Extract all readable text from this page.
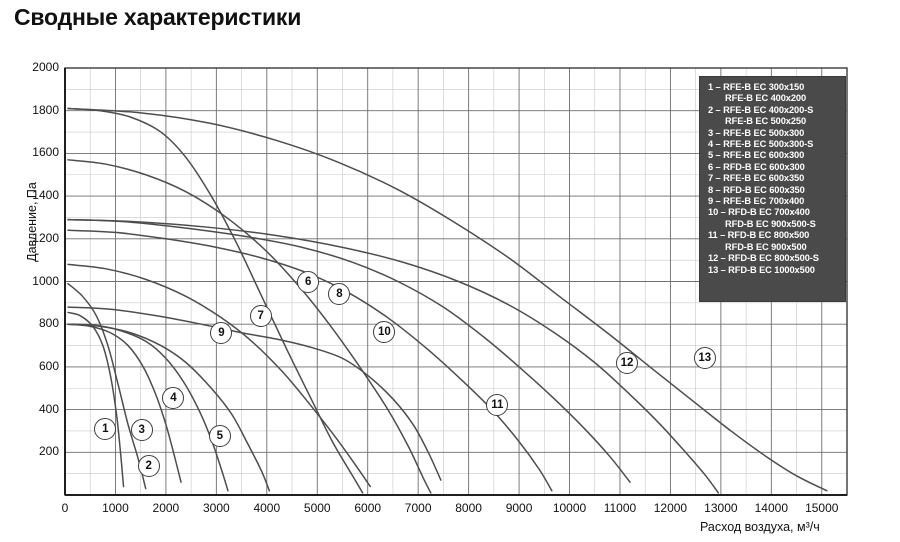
Сводные характеристики
Давление, Па
Расход воздуха, м³/ч
200
400
600
800
1000
1200
1400
1600
1800
2000
0	1000	2000	3000	4000	5000	6000	7000	8000	9000	10000	11000	12000	13000	14000	15000
1
2
3
4
5
6
7
8
9	10
11
12	13
1 – RFE-B EC 300x150
RFE-B EC 400x200
2 – RFE-B EC 400x200-S
RFE-B EC 500x250
3 – RFE-B EC 500x300
4 – RFE-B EC 500x300-S
5 – RFE-B EC 600x300
6 – RFD-B EC 600x300
7 – RFE-B EC 600x350
8 – RFD-B EC 600x350
9 – RFE-B EC 700x400
10 – RFD-B EC 700x400
RFD-B EC 900x500-S
11 – RFD-B EC 800x500
RFD-B EC 900x500
12 – RFD-B EC 800x500-S
13 – RFD-B EC 1000x500
